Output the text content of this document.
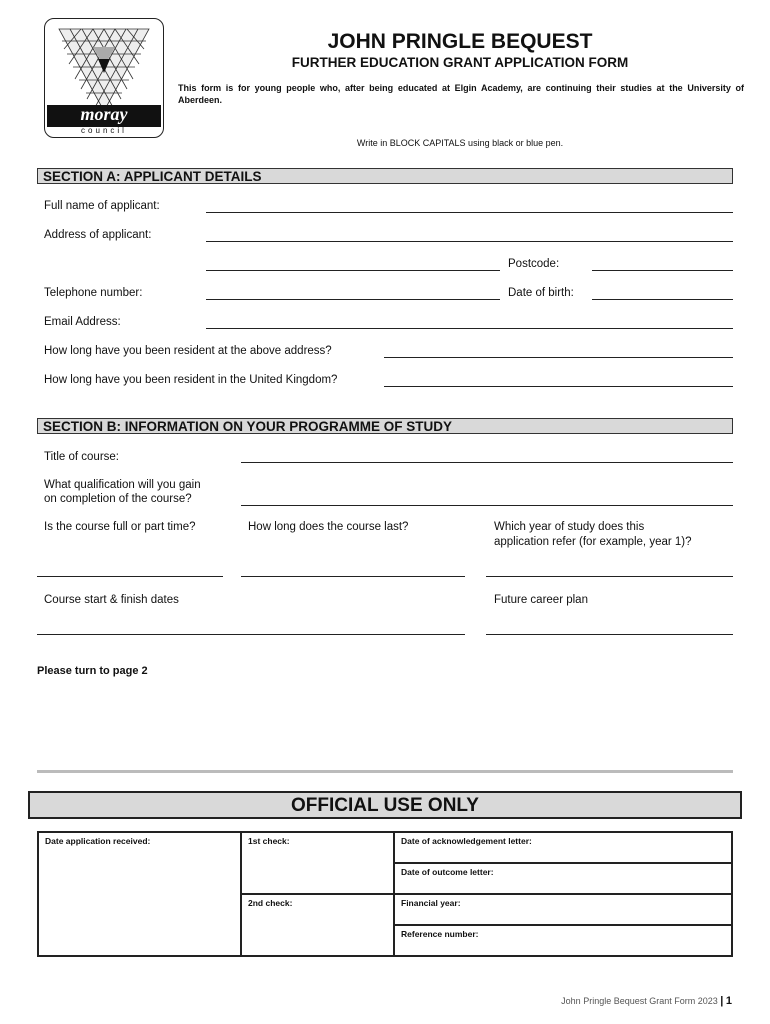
moray
council
JOHN PRINGLE BEQUEST
FURTHER EDUCATION GRANT APPLICATION FORM
This form is for young people who, after being educated at Elgin Academy, are continuing their studies at the University of Aberdeen.
Write in BLOCK CAPITALS using black or blue pen.
SECTION A: APPLICANT DETAILS
Full name of applicant:
Address of applicant:
Postcode:
Telephone number:	Date of birth:
Email Address:
How long have you been resident at the above address?
How long have you been resident in the United Kingdom?
SECTION B: INFORMATION ON YOUR PROGRAMME OF STUDY
Title of course:
What qualification will you gain
on completion of the course?
Is the course full or part time?	How long does the course last?	Which year of study does this
application refer (for example, year 1)?
Course start & finish dates	Future career plan
Please turn to page 2
OFFICIAL USE ONLY
Date application received:	1st check:	Date of acknowledgement letter:
		Date of outcome letter:
	2nd check:	Financial year:
		Reference number:
John Pringle Bequest Grant Form 2023 | 1
